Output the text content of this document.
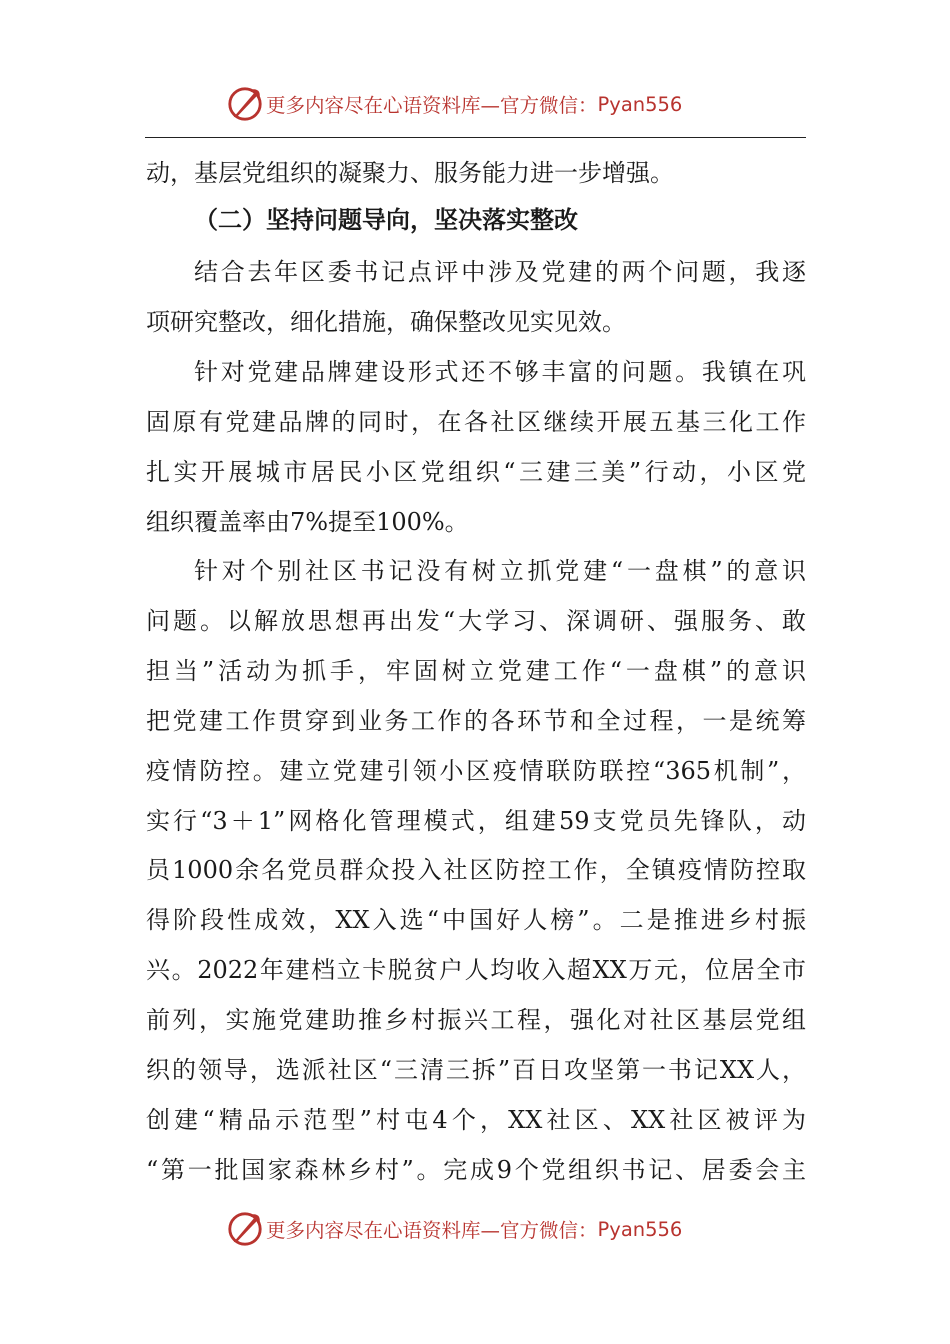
更多内容尽在心语资料库—官方微信： Pyan556
动，基层党组织的凝聚力、服务能力进一步增强。
（二）坚持问题导向，坚决落实整改
结合去年区委书记点评中涉及党建的两个问题，我逐
项研究整改，细化措施，确保整改见实见效。
针对党建品牌建设形式还不够丰富的问题。我镇在巩
固原有党建品牌的同时，在各社区继续开展五基三化工作
扎实开展城市居民小区党组织“三建三美”行动，小区党
组织覆盖率由7%提至100%。
针对个别社区书记没有树立抓党建“一盘棋”的意识
问题。以解放思想再出发“大学习、深调研、强服务、敢
担当”活动为抓手，牢固树立党建工作“一盘棋”的意识
把党建工作贯穿到业务工作的各环节和全过程，一是统筹
疫情防控。建立党建引领小区疫情联防联控“365机制”，
实行“3＋1”网格化管理模式，组建59支党员先锋队，动
员1000余名党员群众投入社区防控工作，全镇疫情防控取
得阶段性成效，XX入选“中国好人榜”。二是推进乡村振
兴。2022年建档立卡脱贫户人均收入超XX万元，位居全市
前列，实施党建助推乡村振兴工程，强化对社区基层党组
织的领导，选派社区“三清三拆”百日攻坚第一书记XX人，
创建“精品示范型”村屯4个，XX社区、XX社区被评为
“第一批国家森林乡村”。完成9个党组织书记、居委会主
更多内容尽在心语资料库—官方微信： Pyan556
